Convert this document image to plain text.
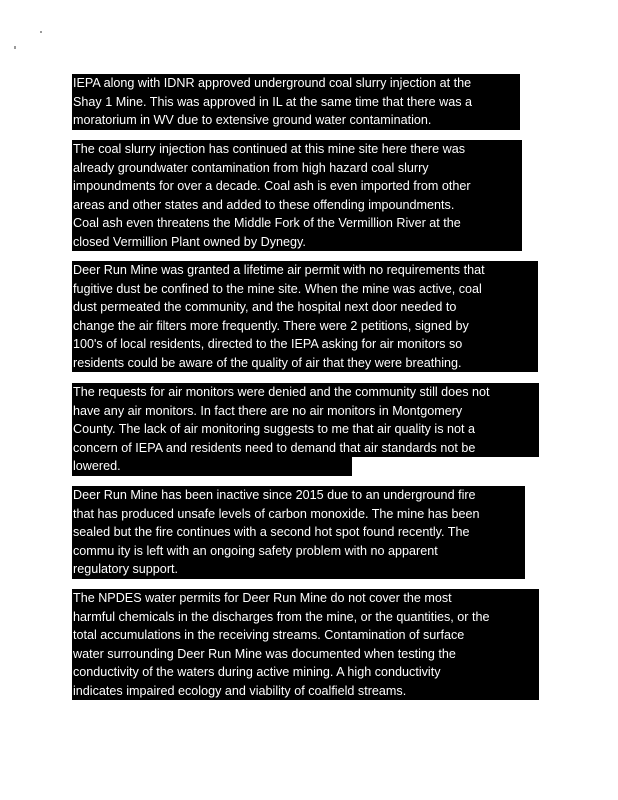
IEPA along with IDNR approved underground coal slurry injection at the
Shay 1 Mine. This was approved in IL at the same time that there was a
moratorium in WV due to extensive ground water contamination.
The coal slurry injection has continued at this mine site here there was
already groundwater contamination from high hazard coal slurry
impoundments for over a decade. Coal ash is even imported from other
areas and other states and added to these offending impoundments.
Coal ash even threatens the Middle Fork of the Vermillion River at the
closed Vermillion Plant owned by Dynegy.
Deer Run Mine was granted a lifetime air permit with no requirements that
fugitive dust be confined to the mine site. When the mine was active, coal
dust permeated the community, and the hospital next door needed to
change the air filters more frequently. There were 2 petitions, signed by
100's of local residents, directed to the IEPA asking for air monitors so
residents could be aware of the quality of air that they were breathing.
The requests for air monitors were denied and the community still does not
have any air monitors. In fact there are no air monitors in Montgomery
County. The lack of air monitoring suggests to me that air quality is not a
concern of IEPA and residents need to demand that air standards not be
lowered.
Deer Run Mine has been inactive since 2015 due to an underground fire
that has produced unsafe levels of carbon monoxide. The mine has been
sealed but the fire continues with a second hot spot found recently. The
commu ity is left with an ongoing safety problem with no apparent
regulatory support.
The NPDES water permits for Deer Run Mine do not cover the most
harmful chemicals in the discharges from the mine, or the quantities, or the
total accumulations in the receiving streams. Contamination of surface
water surrounding Deer Run Mine was documented when testing the
conductivity of the waters during active mining. A high conductivity
indicates impaired ecology and viability of coalfield streams.
